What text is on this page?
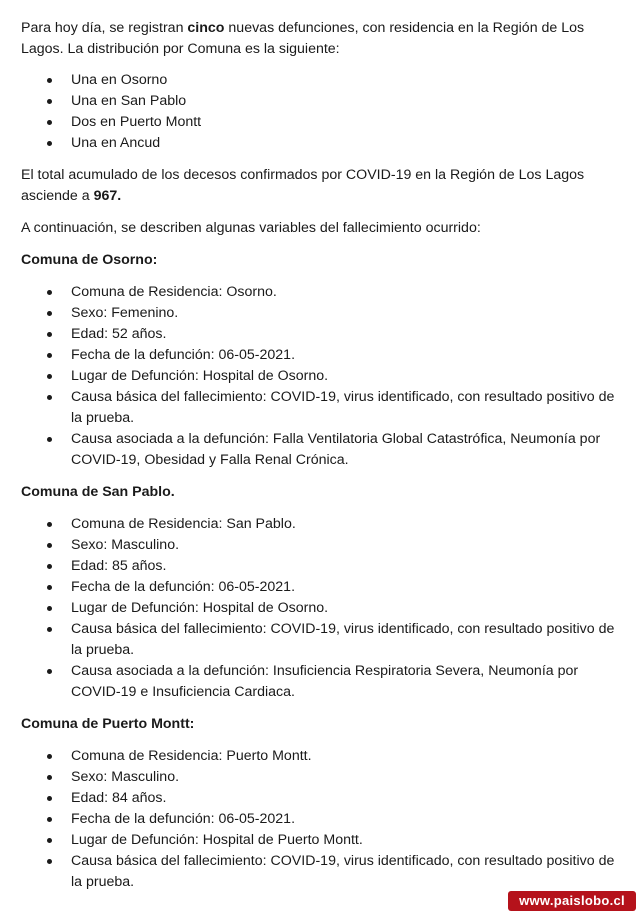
Para hoy día, se registran cinco nuevas defunciones, con residencia en la Región de Los Lagos. La distribución por Comuna es la siguiente:

Una en Osorno
Una en San Pablo
Dos en Puerto Montt
Una en Ancud

El total acumulado de los decesos confirmados por COVID-19 en la Región de Los Lagos asciende a 967.

A continuación, se describen algunas variables del fallecimiento ocurrido:

Comuna de Osorno:

Comuna de Residencia: Osorno.
Sexo: Femenino.
Edad: 52 años.
Fecha de la defunción: 06-05-2021.
Lugar de Defunción: Hospital de Osorno.
Causa básica del fallecimiento: COVID-19, virus identificado, con resultado positivo de la prueba.
Causa asociada a la defunción: Falla Ventilatoria Global Catastrófica, Neumonía por COVID-19, Obesidad y Falla Renal Crónica.

Comuna de San Pablo.

Comuna de Residencia: San Pablo.
Sexo: Masculino.
Edad: 85 años.
Fecha de la defunción: 06-05-2021.
Lugar de Defunción: Hospital de Osorno.
Causa básica del fallecimiento: COVID-19, virus identificado, con resultado positivo de la prueba.
Causa asociada a la defunción: Insuficiencia Respiratoria Severa, Neumonía por COVID-19 e Insuficiencia Cardiaca.

Comuna de Puerto Montt:

Comuna de Residencia: Puerto Montt.
Sexo: Masculino.
Edad: 84 años.
Fecha de la defunción: 06-05-2021.
Lugar de Defunción: Hospital de Puerto Montt.
Causa básica del fallecimiento: COVID-19, virus identificado, con resultado positivo de la prueba.
www.paislobo.cl
